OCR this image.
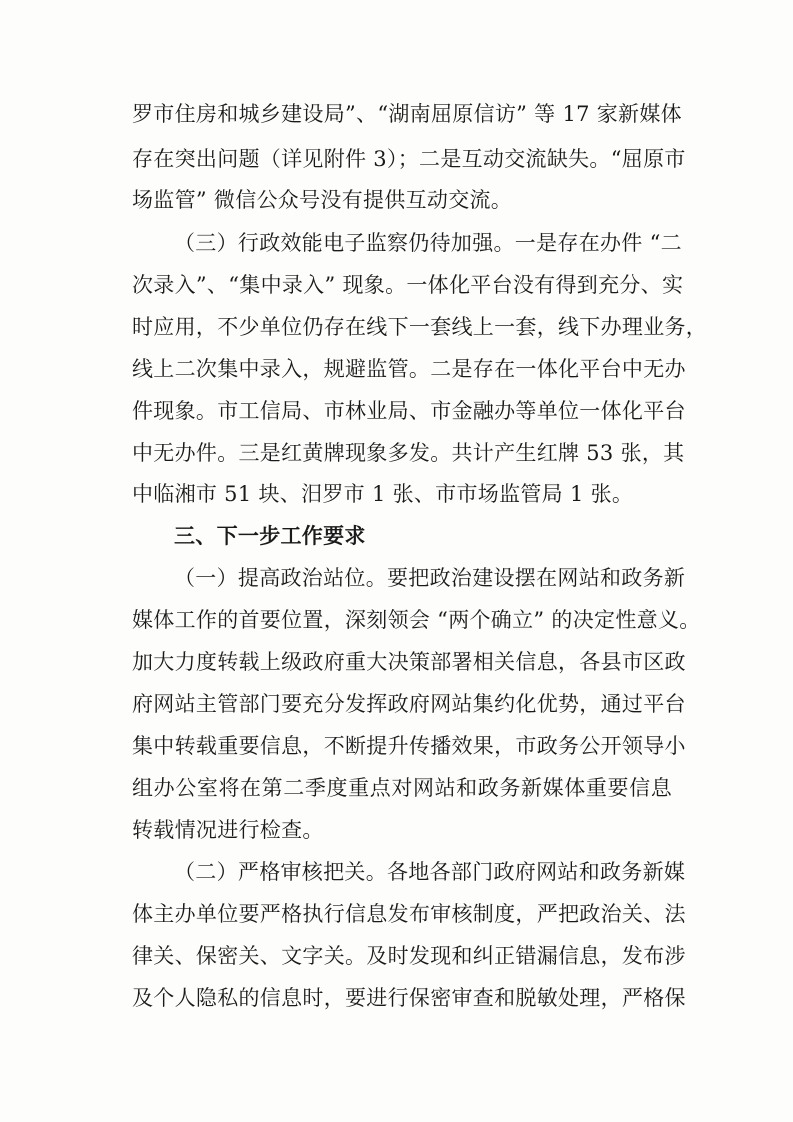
罗市住房和城乡建设局”、“湖南屈原信访” 等 17 家新媒体
存在突出问题（详见附件 3）；二是互动交流缺失。“屈原市
场监管” 微信公众号没有提供互动交流。
（三）行政效能电子监察仍待加强。一是存在办件 “二
次录入”、“集中录入” 现象。一体化平台没有得到充分、实
时应用，不少单位仍存在线下一套线上一套，线下办理业务，
线上二次集中录入，规避监管。二是存在一体化平台中无办
件现象。市工信局、市林业局、市金融办等单位一体化平台
中无办件。三是红黄牌现象多发。共计产生红牌 53 张，其
中临湘市 51 块、汨罗市 1 张、市市场监管局 1 张。
三、下一步工作要求
（一）提高政治站位。要把政治建设摆在网站和政务新
媒体工作的首要位置，深刻领会 “两个确立” 的决定性意义。
加大力度转载上级政府重大决策部署相关信息，各县市区政
府网站主管部门要充分发挥政府网站集约化优势，通过平台
集中转载重要信息，不断提升传播效果，市政务公开领导小
组办公室将在第二季度重点对网站和政务新媒体重要信息
转载情况进行检查。
（二）严格审核把关。各地各部门政府网站和政务新媒
体主办单位要严格执行信息发布审核制度，严把政治关、法
律关、保密关、文字关。及时发现和纠正错漏信息，发布涉
及个人隐私的信息时，要进行保密审查和脱敏处理，严格保
